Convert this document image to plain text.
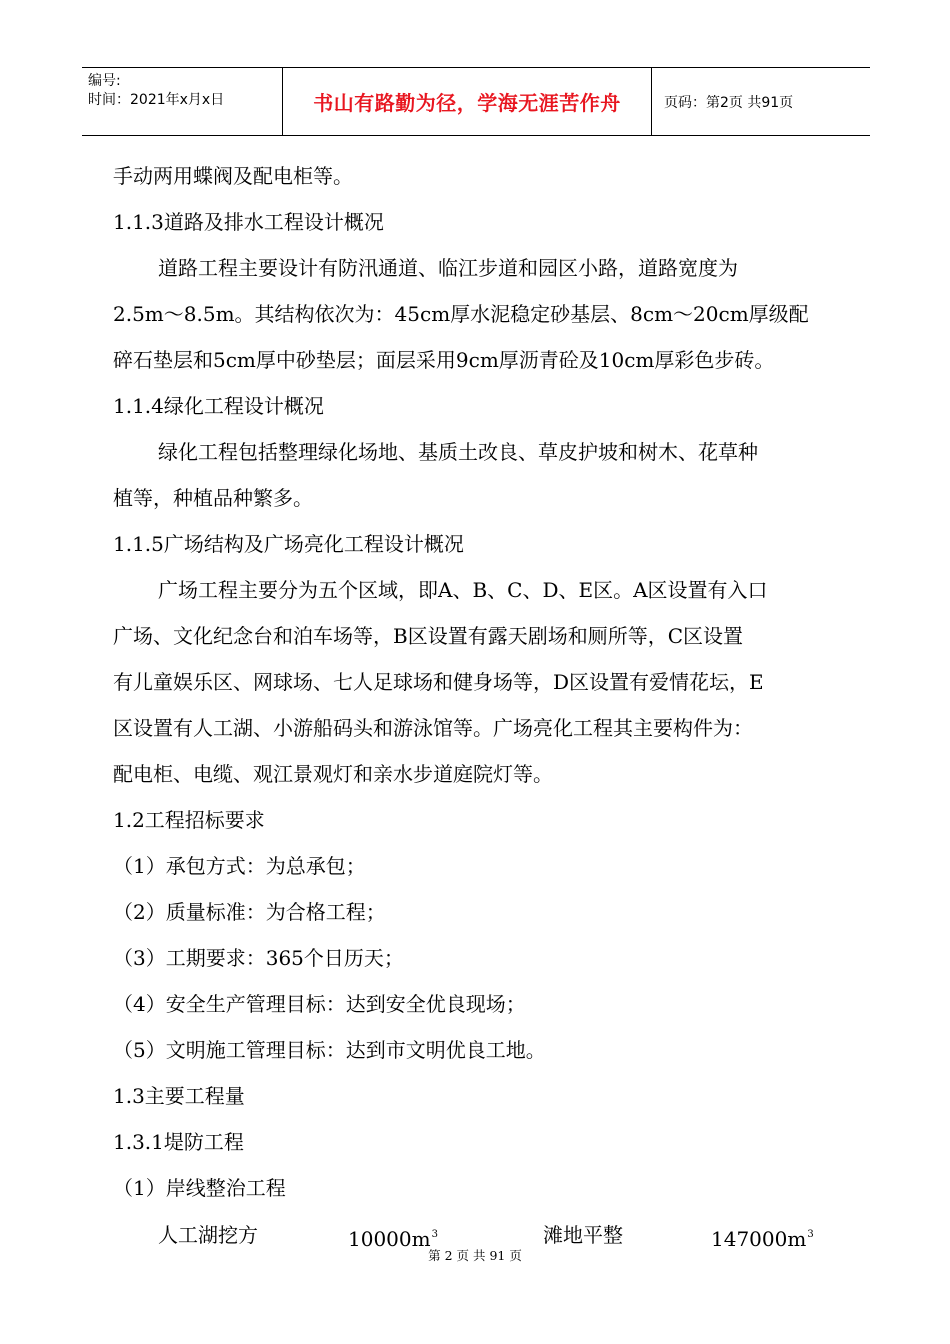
编号:
时间：2021年x月x日	书山有路勤为径，学海无涯苦作舟	页码：第2页 共91页
手动两用蝶阀及配电柜等。
1.1.3道路及排水工程设计概况
道路工程主要设计有防汛通道、临江步道和园区小路，道路宽度为
2.5m～8.5m。其结构依次为：45cm厚水泥稳定砂基层、8cm～20cm厚级配
碎石垫层和5cm厚中砂垫层；面层采用9cm厚沥青砼及10cm厚彩色步砖。
1.1.4绿化工程设计概况
绿化工程包括整理绿化场地、基质土改良、草皮护坡和树木、花草种
植等，种植品种繁多。
1.1.5广场结构及广场亮化工程设计概况
广场工程主要分为五个区域，即A、B、C、D、E区。A区设置有入口
广场、文化纪念台和泊车场等，B区设置有露天剧场和厕所等，C区设置
有儿童娱乐区、网球场、七人足球场和健身场等，D区设置有爱情花坛，E
区设置有人工湖、小游船码头和游泳馆等。广场亮化工程其主要构件为：
配电柜、电缆、观江景观灯和亲水步道庭院灯等。
1.2工程招标要求
（1）承包方式：为总承包；
（2）质量标准：为合格工程；
（3）工期要求：365个日历天；
（4）安全生产管理目标：达到安全优良现场；
（5）文明施工管理目标：达到市文明优良工地。
1.3主要工程量
1.3.1堤防工程
（1）岸线整治工程
人工湖挖方	$10000m^3$	滩地平整	$147000m^3$
第 2 页 共 91 页
